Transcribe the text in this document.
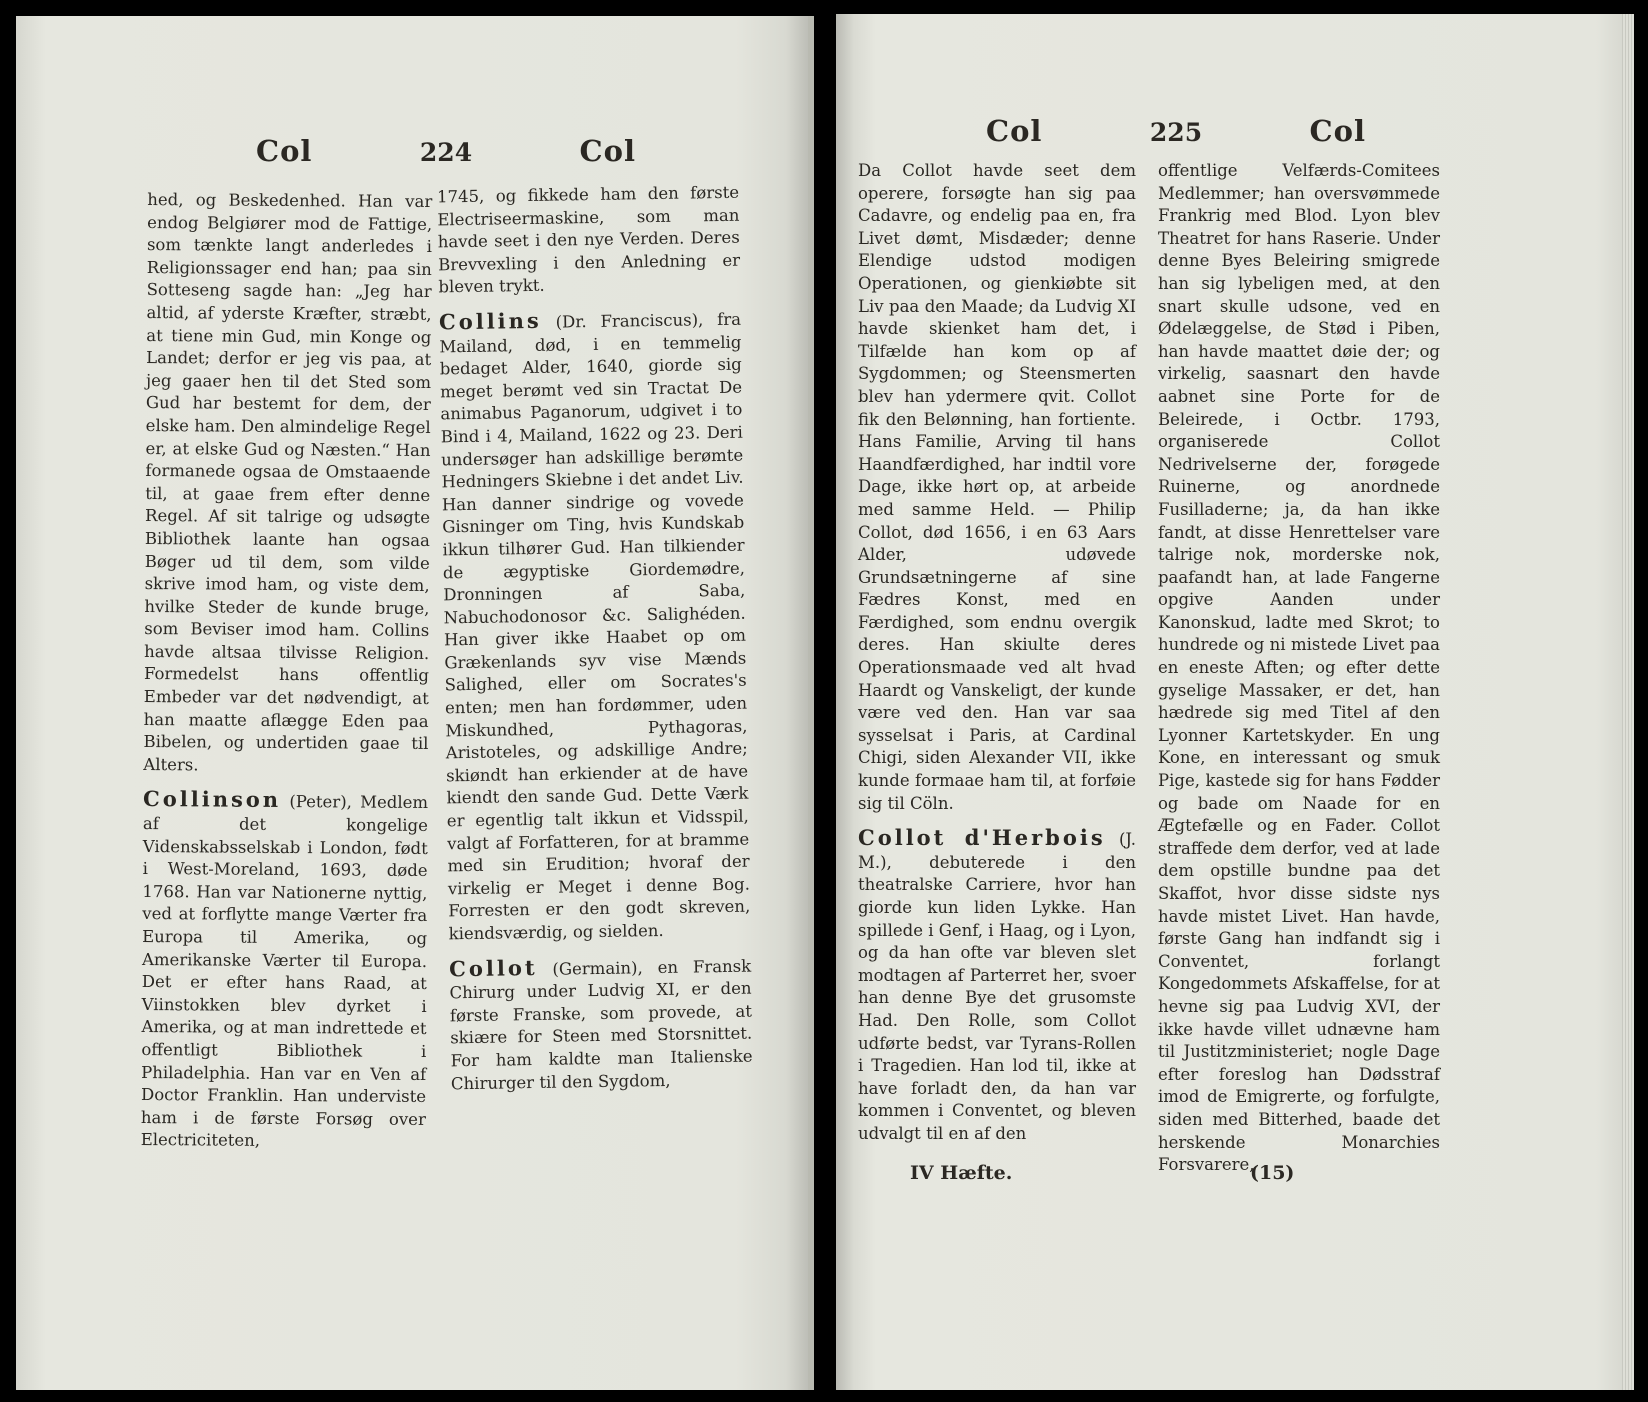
Col	224	Col

hed, og Beskedenhed. Han var endog Belgiører mod de Fattige, som tænkte langt anderledes i Religionssager end han; paa sin Sotteseng sagde han: „Jeg har altid, af yderste Kræfter, stræbt, at tiene min Gud, min Konge og Landet; derfor er jeg vis paa, at jeg gaaer hen til det Sted som Gud har bestemt for dem, der elske ham. Den almindelige Regel er, at elske Gud og Næsten.“ Han formanede ogsaa de Omstaaende til, at gaae frem efter denne Regel. Af sit talrige og udsøgte Bibliothek laante han ogsaa Bøger ud til dem, som vilde skrive imod ham, og viste dem, hvilke Steder de kunde bruge, som Beviser imod ham. Collins havde altsaa tilvisse Religion. Formedelst hans offentlig Embeder var det nødvendigt, at han maatte aflægge Eden paa Bibelen, og undertiden gaae til Alters.

Collinson (Peter), Medlem af det kongelige Videnskabsselskab i London, født i West-Moreland, 1693, døde 1768. Han var Nationerne nyttig, ved at forflytte mange Værter fra Europa til Amerika, og Amerikanske Værter til Europa. Det er efter hans Raad, at Viinstokken blev dyrket i Amerika, og at man indrettede et offentligt Bibliothek i Philadelphia. Han var en Ven af Doctor Franklin. Han underviste ham i de første Forsøg over Electriciteten,

1745, og fikkede ham den første Electriseermaskine, som man havde seet i den nye Verden. Deres Brevvexling i den Anledning er bleven trykt.

Collins (Dr. Franciscus), fra Mailand, død, i en temmelig bedaget Alder, 1640, giorde sig meget berømt ved sin Tractat De animabus Paganorum, udgivet i to Bind i 4, Mailand, 1622 og 23. Deri undersøger han adskillige berømte Hedningers Skiebne i det andet Liv. Han danner sindrige og vovede Gisninger om Ting, hvis Kundskab ikkun tilhører Gud. Han tilkiender de ægyptiske Giordemødre, Dronningen af Saba, Nabuchodonosor &c. Salighéden. Han giver ikke Haabet op om Grækenlands syv vise Mænds Salighed, eller om Socrates's enten; men han fordømmer, uden Miskundhed, Pythagoras, Aristoteles, og adskillige Andre; skiøndt han erkiender at de have kiendt den sande Gud. Dette Værk er egentlig talt ikkun et Vidsspil, valgt af Forfatteren, for at bramme med sin Erudition; hvoraf der virkelig er Meget i denne Bog. Forresten er den godt skreven, kiendsværdig, og sielden.

Collot (Germain), en Fransk Chirurg under Ludvig XI, er den første Franske, som provede, at skiære for Steen med Storsnittet. For ham kaldte man Italienske Chirurger til den Sygdom,

Col	225	Col

Da Collot havde seet dem operere, forsøgte han sig paa Cadavre, og endelig paa en, fra Livet dømt, Misdæder; denne Elendige udstod modigen Operationen, og gienkiøbte sit Liv paa den Maade; da Ludvig XI havde skienket ham det, i Tilfælde han kom op af Sygdommen; og Steensmerten blev han ydermere qvit. Collot fik den Belønning, han fortiente. Hans Familie, Arving til hans Haandfærdighed, har indtil vore Dage, ikke hørt op, at arbeide med samme Held. — Philip Collot, død 1656, i en 63 Aars Alder, udøvede Grundsætningerne af sine Fædres Konst, med en Færdighed, som endnu overgik deres. Han skiulte deres Operationsmaade ved alt hvad Haardt og Vanskeligt, der kunde være ved den. Han var saa sysselsat i Paris, at Cardinal Chigi, siden Alexander VII, ikke kunde formaae ham til, at forføie sig til Cöln.

Collot d'Herbois (J. M.), debuterede i den theatralske Carriere, hvor han giorde kun liden Lykke. Han spillede i Genf, i Haag, og i Lyon, og da han ofte var bleven slet modtagen af Parterret her, svoer han denne Bye det grusomste Had. Den Rolle, som Collot udførte bedst, var Tyrans-Rollen i Tragedien. Han lod til, ikke at have forladt den, da han var kommen i Conventet, og bleven udvalgt til en af den

offentlige Velfærds-Comitees Medlemmer; han oversvømmede Frankrig med Blod. Lyon blev Theatret for hans Raserie. Under denne Byes Beleiring smigrede han sig lybeligen med, at den snart skulle udsone, ved en Ødelæggelse, de Stød i Piben, han havde maattet døie der; og virkelig, saasnart den havde aabnet sine Porte for de Beleirede, i Octbr. 1793, organiserede Collot Nedrivelserne der, forøgede Ruinerne, og anordnede Fusilladerne; ja, da han ikke fandt, at disse Henrettelser vare talrige nok, morderske nok, paafandt han, at lade Fangerne opgive Aanden under Kanonskud, ladte med Skrot; to hundrede og ni mistede Livet paa en eneste Aften; og efter dette gyselige Massaker, er det, han hædrede sig med Titel af den Lyonner Kartetskyder. En ung Kone, en interessant og smuk Pige, kastede sig for hans Fødder og bade om Naade for en Ægtefælle og en Fader. Collot straffede dem derfor, ved at lade dem opstille bundne paa det Skaffot, hvor disse sidste nys havde mistet Livet. Han havde, første Gang han indfandt sig i Conventet, forlangt Kongedommets Afskaffelse, for at hevne sig paa Ludvig XVI, der ikke havde villet udnævne ham til Justitzministeriet; nogle Dage efter foreslog han Dødsstraf imod de Emigrerte, og forfulgte, siden med Bitterhed, baade det herskende Monarchies Forsvarere,

IV Hæfte.	(15)
